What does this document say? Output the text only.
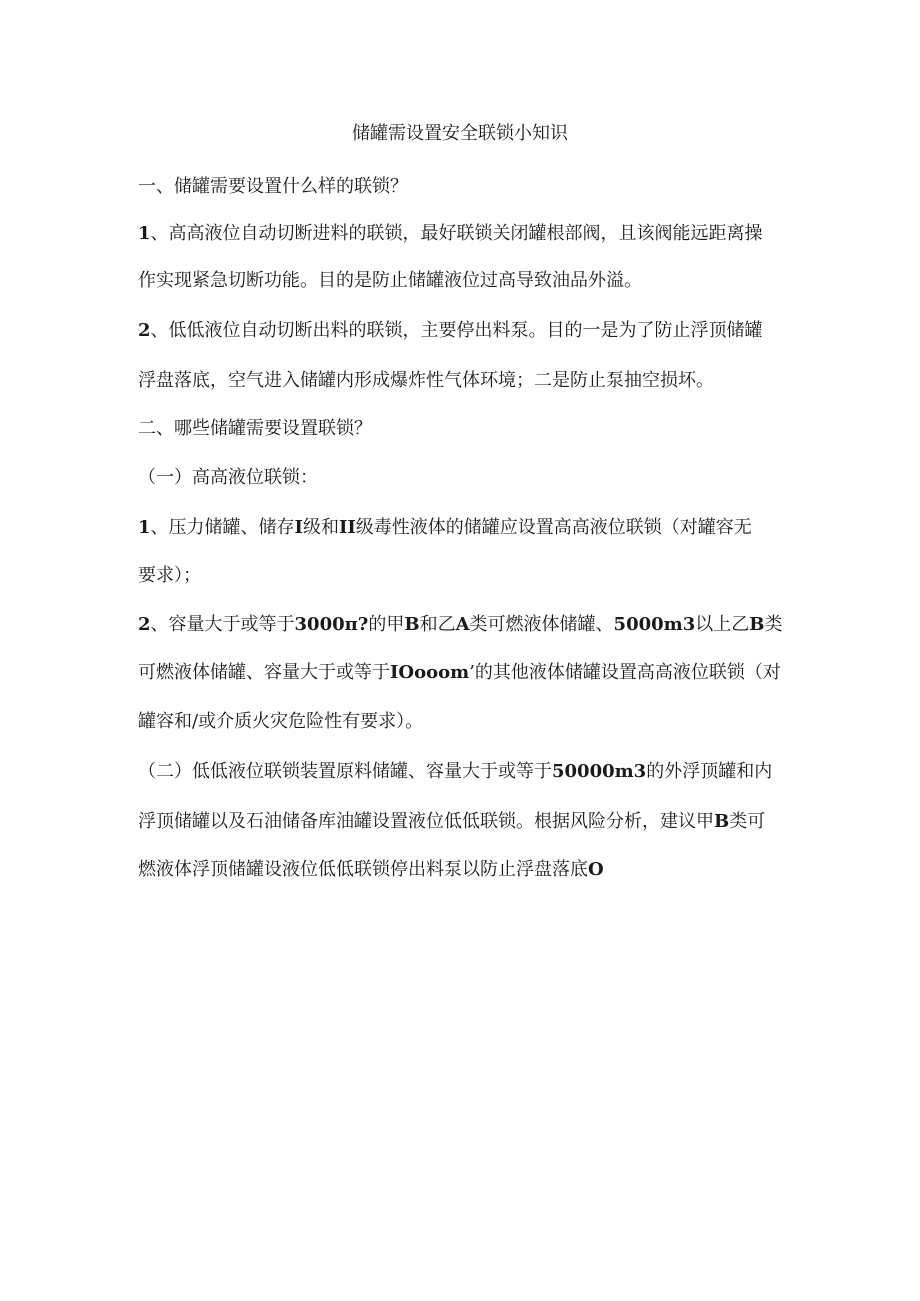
储罐需设置安全联锁小知识
一、储罐需要设置什么样的联锁？
1、高高液位自动切断进料的联锁，最好联锁关闭罐根部阀，且该阀能远距离操
作实现紧急切断功能。目的是防止储罐液位过高导致油品外溢。
2、低低液位自动切断出料的联锁，主要停出料泵。目的一是为了防止浮顶储罐
浮盘落底，空气进入储罐内形成爆炸性气体环境；二是防止泵抽空损坏。
二、哪些储罐需要设置联锁？
（一）高高液位联锁：
1、压力储罐、储存I级和II级毒性液体的储罐应设置高高液位联锁（对罐容无
要求）；
2、容量大于或等于3000π?的甲B和乙A类可燃液体储罐、5000m3以上乙B类
可燃液体储罐、容量大于或等于IOooom’的其他液体储罐设置高高液位联锁（对
罐容和/或介质火灾危险性有要求）。
（二）低低液位联锁装置原料储罐、容量大于或等于50000m3的外浮顶罐和内
浮顶储罐以及石油储备库油罐设置液位低低联锁。根据风险分析，建议甲B类可
燃液体浮顶储罐设液位低低联锁停出料泵以防止浮盘落底O
